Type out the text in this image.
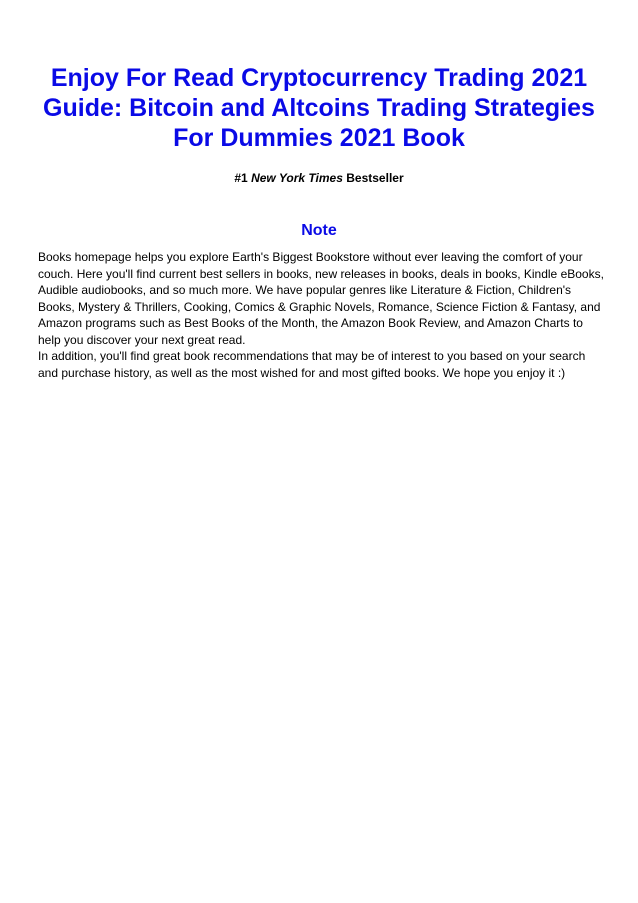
Enjoy For Read Cryptocurrency Trading 2021 Guide: Bitcoin and Altcoins Trading Strategies For Dummies 2021 Book
#1 New York Times Bestseller
Note

Books homepage helps you explore Earth's Biggest Bookstore without ever leaving the comfort of your couch. Here you'll find current best sellers in books, new releases in books, deals in books, Kindle eBooks, Audible audiobooks, and so much more. We have popular genres like Literature & Fiction, Children's Books, Mystery & Thrillers, Cooking, Comics & Graphic Novels, Romance, Science Fiction & Fantasy, and Amazon programs such as Best Books of the Month, the Amazon Book Review, and Amazon Charts to help you discover your next great read.

In addition, you'll find great book recommendations that may be of interest to you based on your search and purchase history, as well as the most wished for and most gifted books. We hope you enjoy it :)
